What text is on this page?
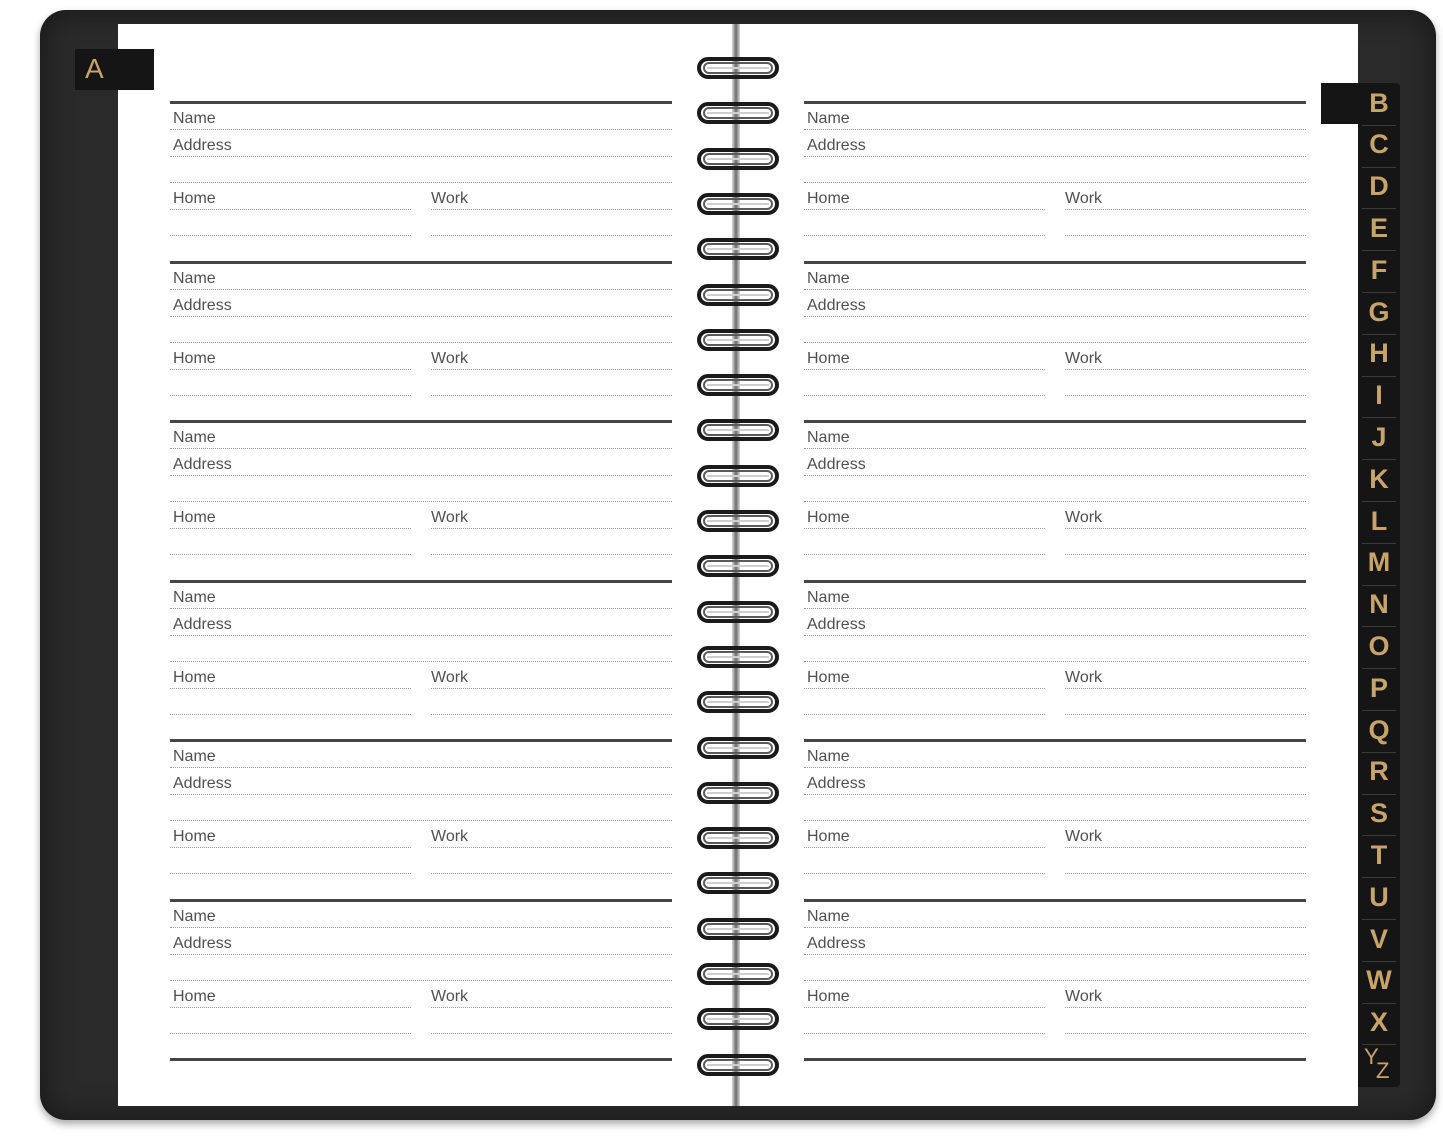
A
B
C
D
E
F
G
H
I
J
K
L
M
N
O
P
Q
R
S
T
U
V
W
X
Y
Z
Name
Address
Home	Work
Name
Address
Home	Work
Name
Address
Home	Work
Name
Address
Home	Work
Name
Address
Home	Work
Name
Address
Home	Work
Name
Address
Home	Work
Name
Address
Home	Work
Name
Address
Home	Work
Name
Address
Home	Work
Name
Address
Home	Work
Name
Address
Home	Work
